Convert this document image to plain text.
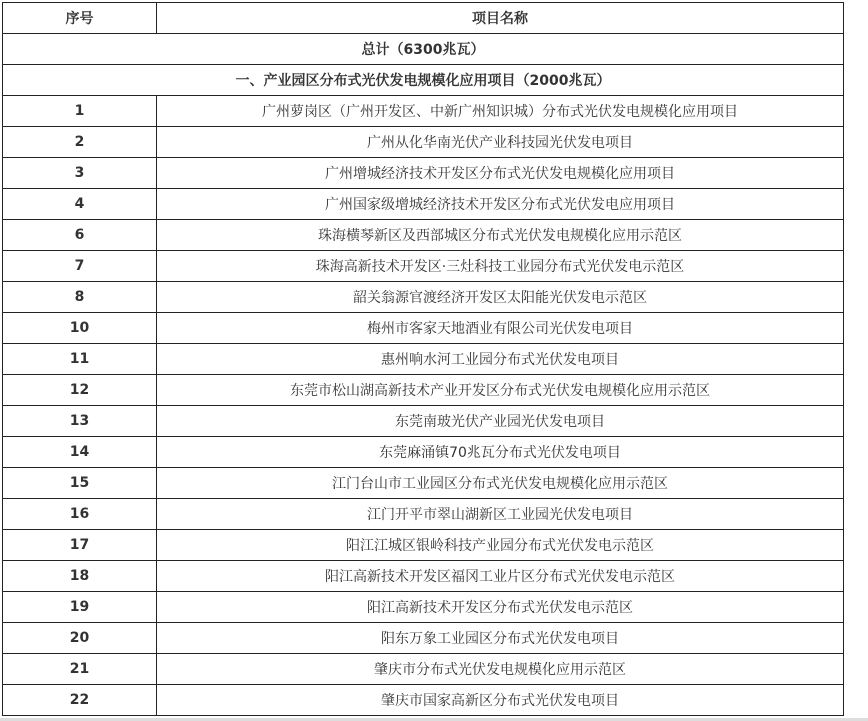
序号	项目名称
总计（6300兆瓦）	
一、产业园区分布式光伏发电规模化应用项目（2000兆瓦）	
1	广州萝岗区（广州开发区、中新广州知识城）分布式光伏发电规模化应用项目
2	广州从化华南光伏产业科技园光伏发电项目
3	广州增城经济技术开发区分布式光伏发电规模化应用项目
4	广州国家级增城经济技术开发区分布式光伏发电应用项目
6	珠海横琴新区及西部城区分布式光伏发电规模化应用示范区
7	珠海高新技术开发区·三灶科技工业园分布式光伏发电示范区
8	韶关翁源官渡经济开发区太阳能光伏发电示范区
10	梅州市客家天地酒业有限公司光伏发电项目
11	惠州响水河工业园分布式光伏发电项目
12	东莞市松山湖高新技术产业开发区分布式光伏发电规模化应用示范区
13	东莞南玻光伏产业园光伏发电项目
14	东莞麻涌镇70兆瓦分布式光伏发电项目
15	江门台山市工业园区分布式光伏发电规模化应用示范区
16	江门开平市翠山湖新区工业园光伏发电项目
17	阳江江城区银岭科技产业园分布式光伏发电示范区
18	阳江高新技术开发区福冈工业片区分布式光伏发电示范区
19	阳江高新技术开发区分布式光伏发电示范区
20	阳东万象工业园区分布式光伏发电项目
21	肇庆市分布式光伏发电规模化应用示范区
22	肇庆市国家高新区分布式光伏发电项目
